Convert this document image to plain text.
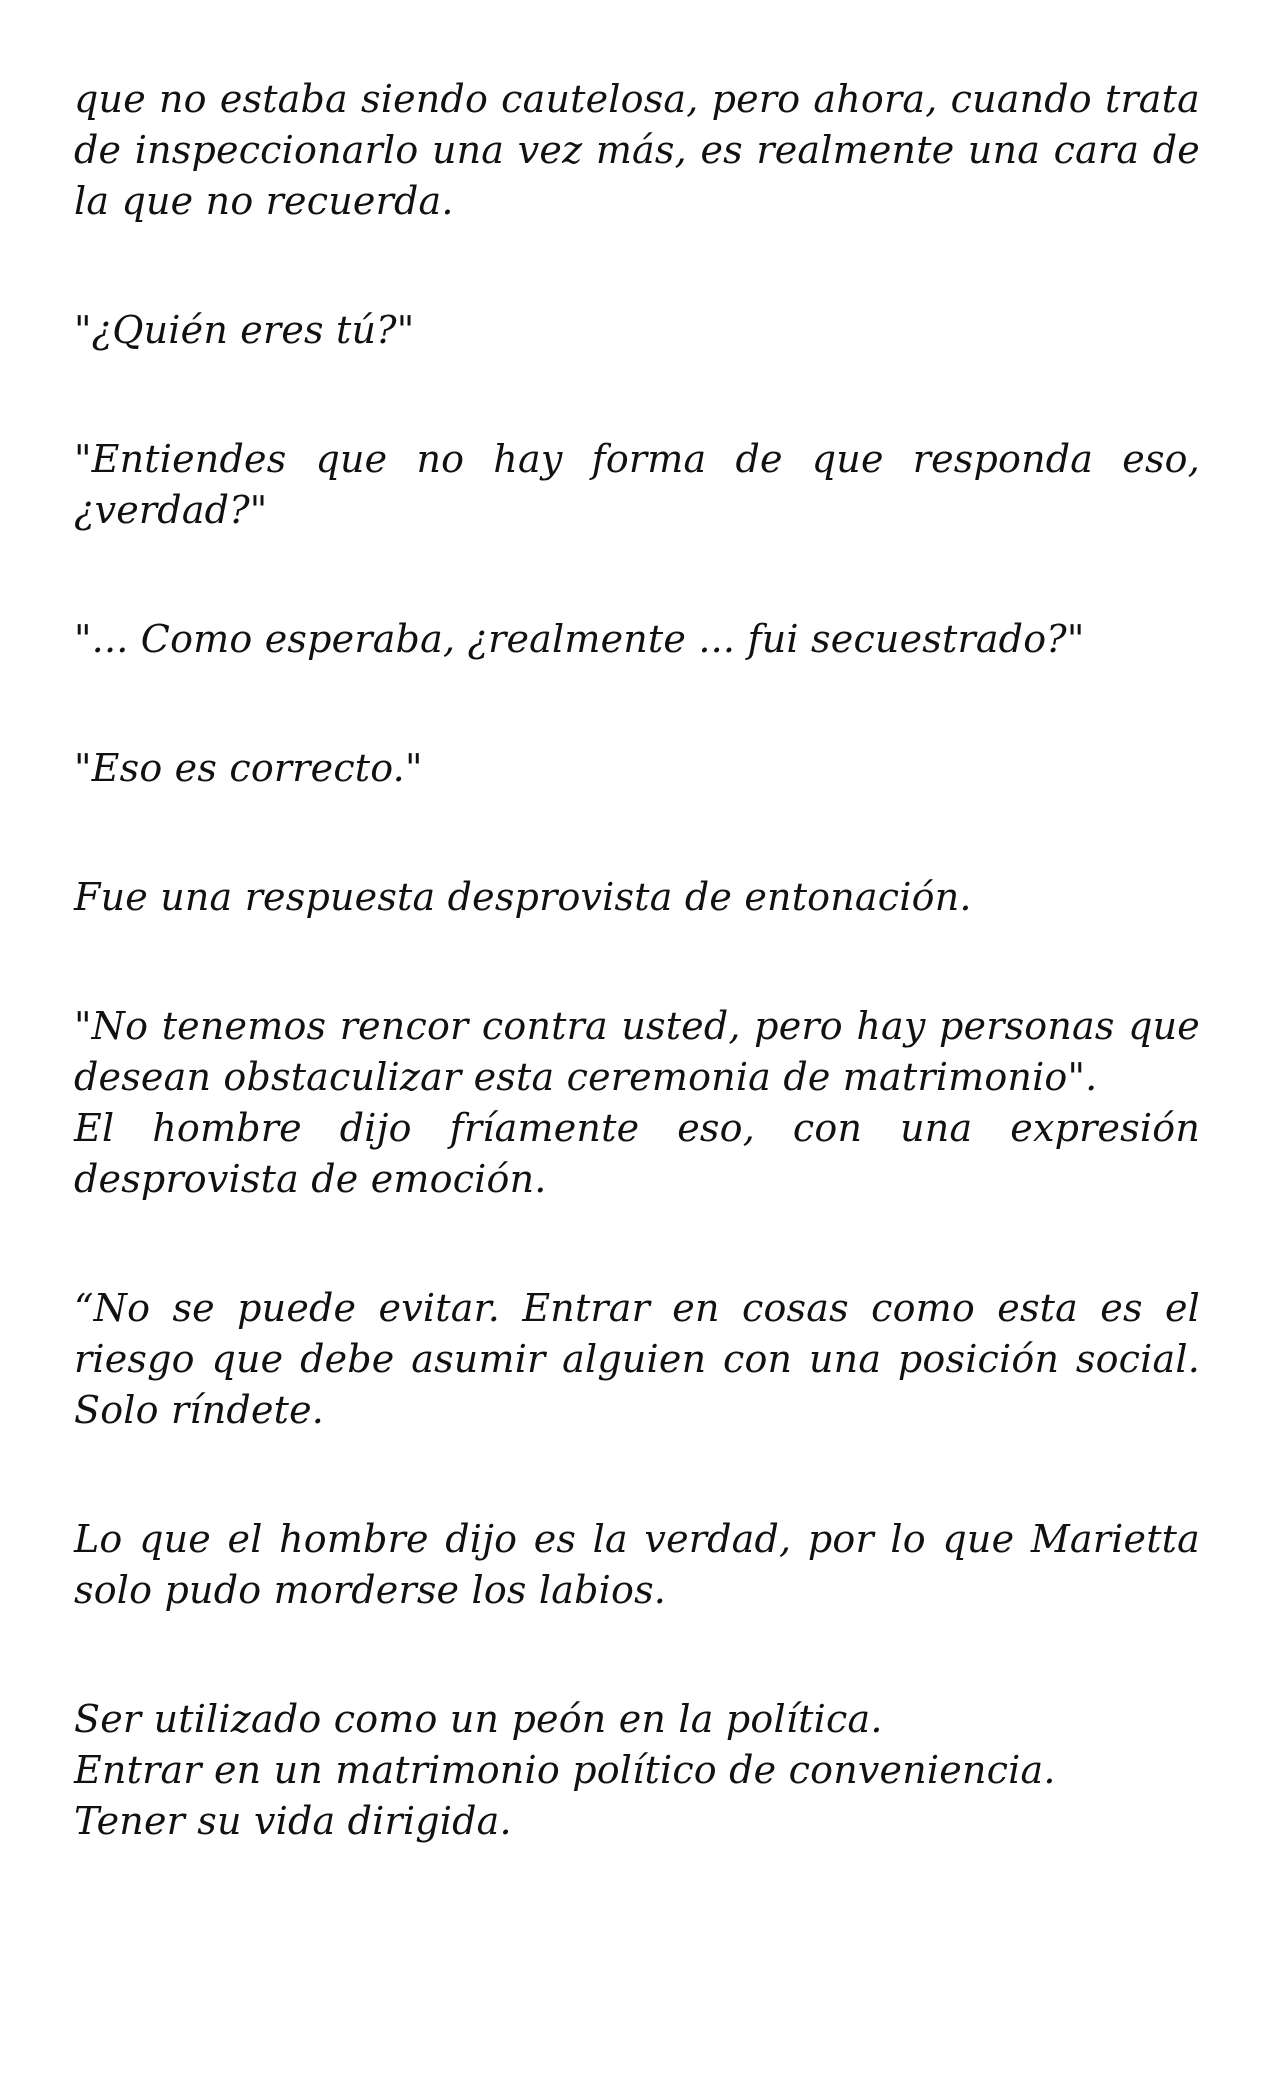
que no estaba siendo cautelosa, pero ahora, cuando trata de inspeccionarlo una vez más, es realmente una cara de la que no recuerda.

"¿Quién eres tú?"

"Entiendes que no hay forma de que responda eso, ¿verdad?"

"... Como esperaba, ¿realmente ... fui secuestrado?"

"Eso es correcto."

Fue una respuesta desprovista de entonación.

"No tenemos rencor contra usted, pero hay personas que desean obstaculizar esta ceremonia de matrimonio".
El hombre dijo fríamente eso, con una expresión desprovista de emoción.

“No se puede evitar. Entrar en cosas como esta es el riesgo que debe asumir alguien con una posición social. Solo ríndete.

Lo que el hombre dijo es la verdad, por lo que Marietta solo pudo morderse los labios.

Ser utilizado como un peón en la política.
Entrar en un matrimonio político de conveniencia.
Tener su vida dirigida.
